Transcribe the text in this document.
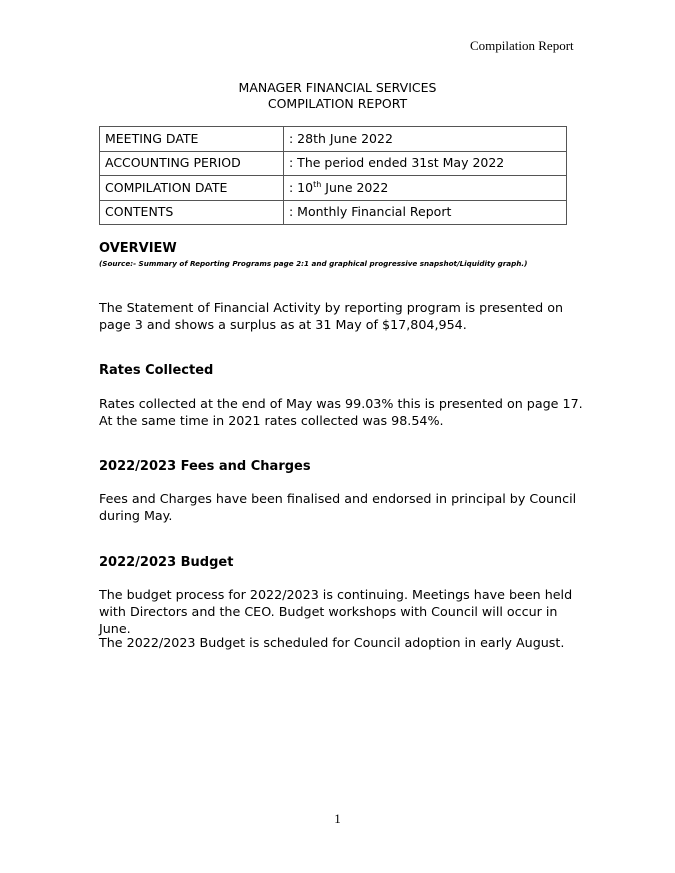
Compilation Report
MANAGER FINANCIAL SERVICES
COMPILATION REPORT
MEETING DATE	: 28th June 2022
ACCOUNTING PERIOD	: The period ended 31st May 2022
COMPILATION DATE	: 10th June 2022
CONTENTS	: Monthly Financial Report
OVERVIEW
(Source:- Summary of Reporting Programs page 2:1 and graphical progressive snapshot/Liquidity graph.)
The Statement of Financial Activity by reporting program is presented on page 3 and shows a surplus as at 31 May of $17,804,954.
Rates Collected
Rates collected at the end of May was 99.03% this is presented on page 17. At the same time in 2021 rates collected was 98.54%.
2022/2023 Fees and Charges
Fees and Charges have been finalised and endorsed in principal by Council during May.
2022/2023 Budget
The budget process for 2022/2023 is continuing. Meetings have been held with Directors and the CEO. Budget workshops with Council will occur in June.
The 2022/2023 Budget is scheduled for Council adoption in early August.
1
